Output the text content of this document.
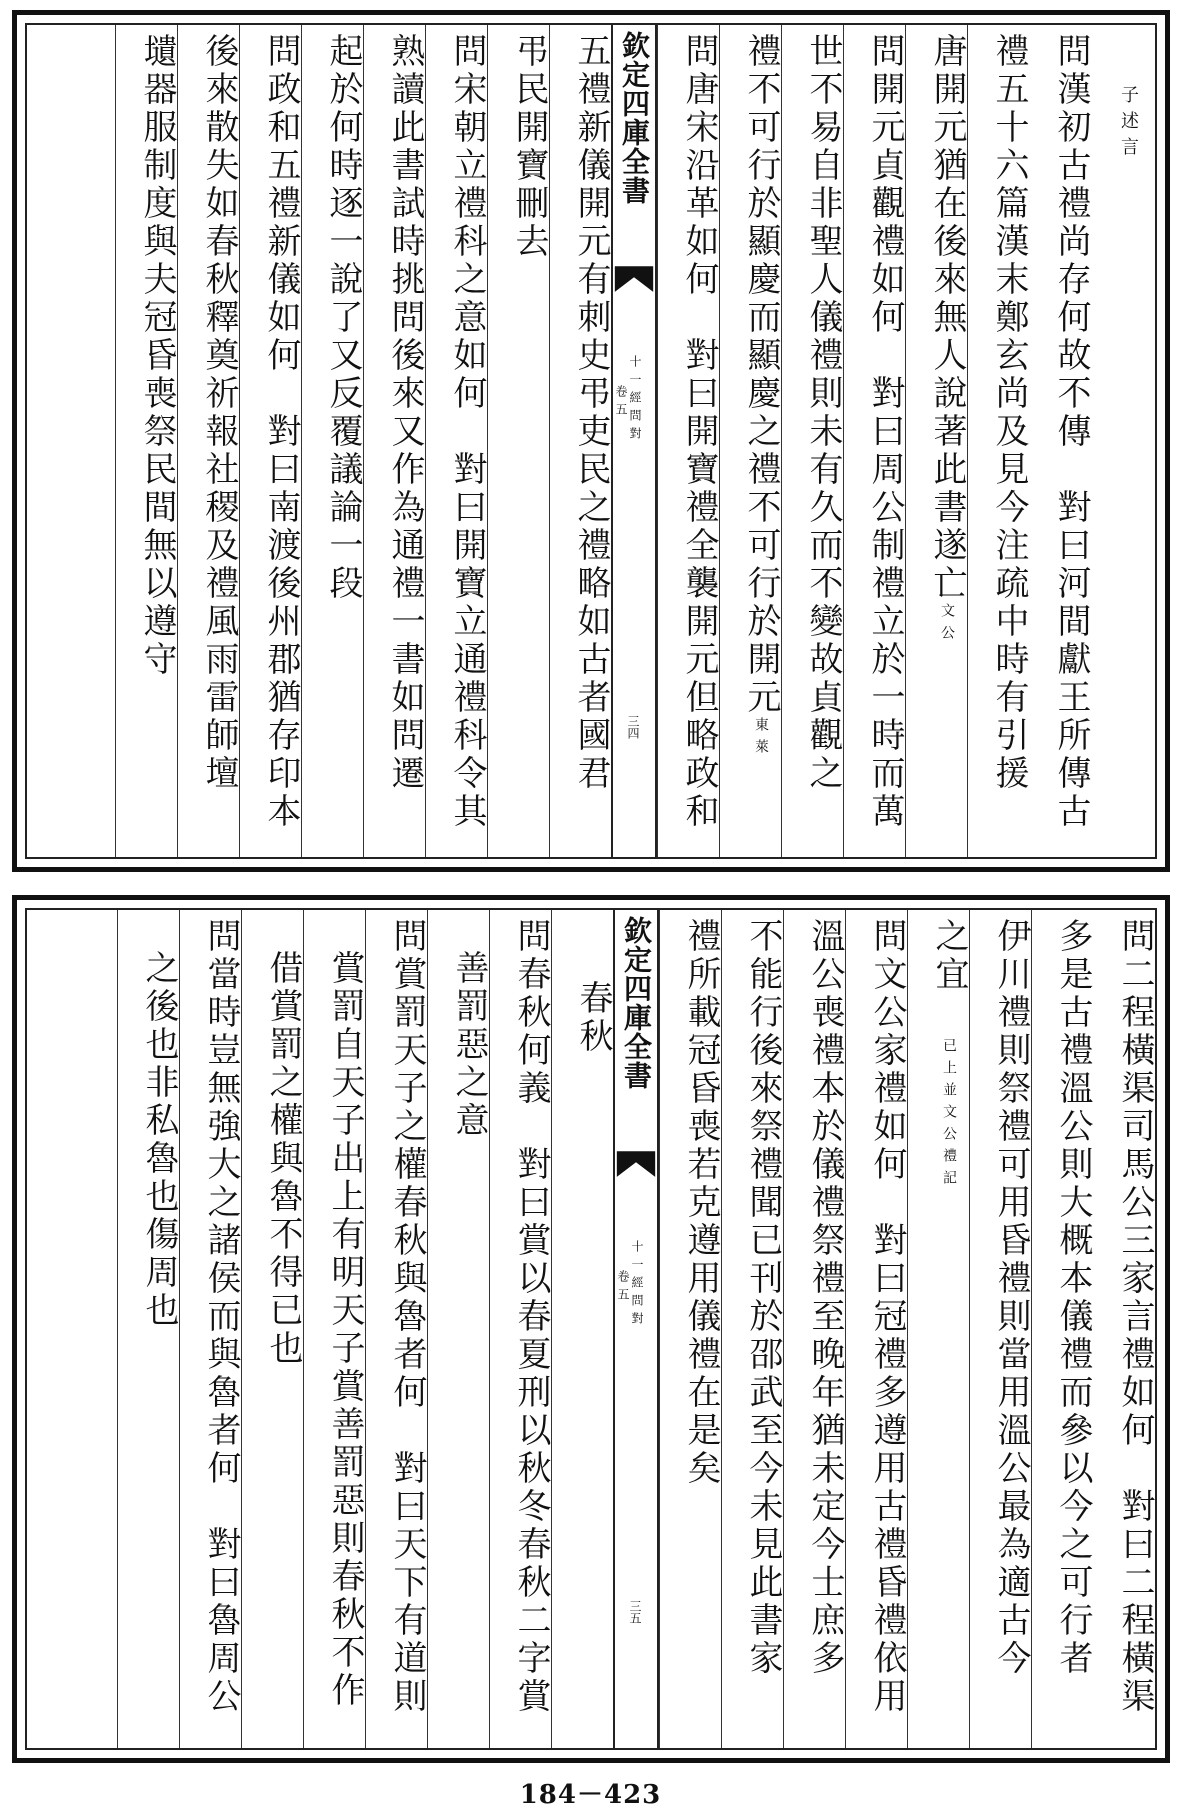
子述言
問漢初古禮尚存何故不傳　對曰河間獻王所傳古
禮五十六篇漢末鄭玄尚及見今注疏中時有引援
唐開元猶在後來無人說著此書遂亡文公
問開元貞觀禮如何　對曰周公制禮立於一時而萬
世不易自非聖人儀禮則未有久而不變故貞觀之
禮不可行於顯慶而顯慶之禮不可行於開元東萊
問唐宋沿革如何　對曰開寶禮全襲開元但略政和
欽定四庫全書
十一經問對
卷五
三四
五禮新儀開元有刺史弔吏民之禮略如古者國君
弔民開寶刪去
問宋朝立禮科之意如何　對曰開寶立通禮科令其
熟讀此書試時挑問後來又作為通禮一書如問遷
起於何時逐一說了又反覆議論一段
問政和五禮新儀如何　對曰南渡後州郡猶存印本
後來散失如春秋釋奠祈報社稷及禮風雨雷師壇
壝器服制度與夫冠昏喪祭民間無以遵守
問二程橫渠司馬公三家言禮如何　對曰二程橫渠
多是古禮溫公則大概本儀禮而參以今之可行者
伊川禮則祭禮可用昏禮則當用溫公最為適古今
之宜 已上並文公禮記
問文公家禮如何　對曰冠禮多遵用古禮昏禮依用
溫公喪禮本於儀禮祭禮至晚年猶未定今士庶多
不能行後來祭禮聞已刊於邵武至今未見此書家
禮所載冠昏喪若克遵用儀禮在是矣
欽定四庫全書
十一經問對
卷五
三五
春秋
問春秋何義　對曰賞以春夏刑以秋冬春秋二字賞
善罰惡之意
問賞罰天子之權春秋與魯者何　對曰天下有道則
賞罰自天子出上有明天子賞善罰惡則春秋不作
借賞罰之權與魯不得已也
問當時豈無強大之諸侯而與魯者何　對曰魯周公
之後也非私魯也傷周也
184－423
